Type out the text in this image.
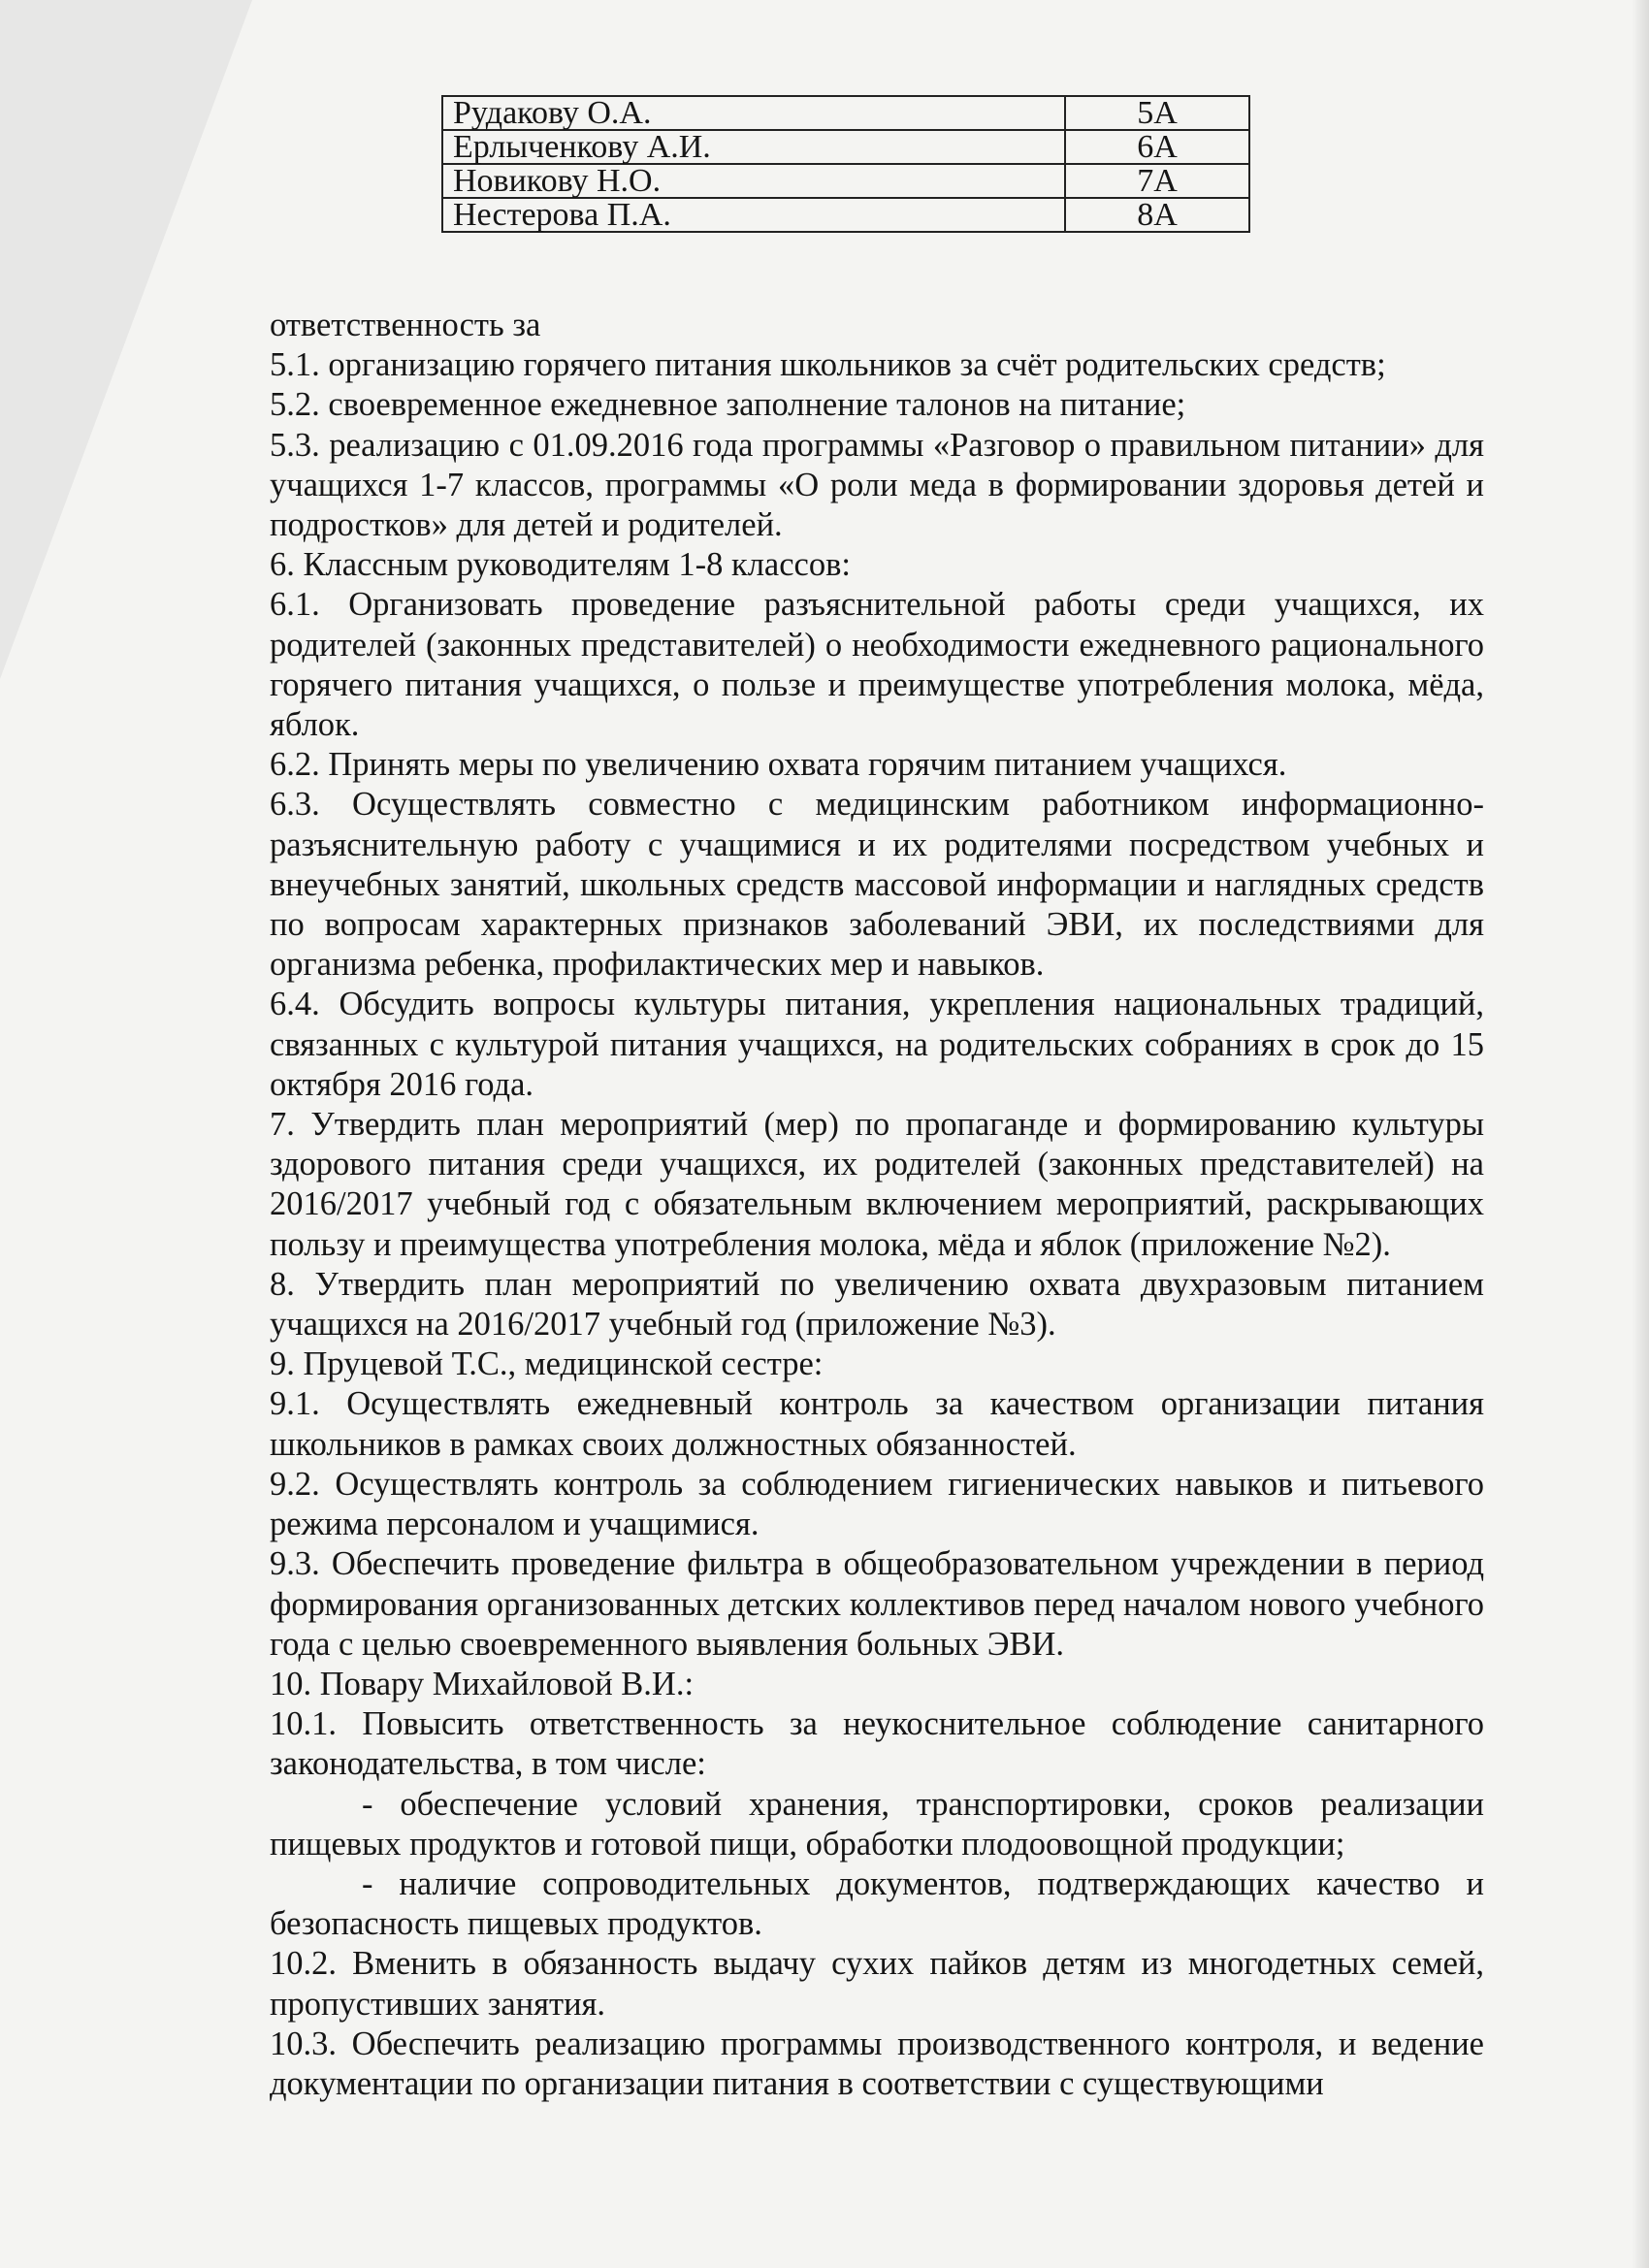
Рудакову О.А.	5А
Ерлыченкову А.И.	6А
Новикову Н.О.	7А
Нестерова П.А.	8А

ответственность за

5.1. организацию горячего питания школьников за счёт родительских средств;

5.2. своевременное ежедневное заполнение талонов на питание;

5.3. реализацию с 01.09.2016 года программы «Разговор о правильном питании» для учащихся 1-7 классов, программы «О роли меда в формировании здоровья детей и подростков» для детей и родителей.

6. Классным руководителям 1-8 классов:

6.1. Организовать проведение разъяснительной работы среди учащихся, их родителей (законных представителей) о необходимости ежедневного рационального горячего питания учащихся, о пользе и преимуществе употребления молока, мёда, яблок.

6.2. Принять меры по увеличению охвата горячим питанием учащихся.

6.3. Осуществлять совместно с медицинским работником информационно-разъяснительную работу с учащимися и их родителями посредством учебных и внеучебных занятий, школьных средств массовой информации и наглядных средств по вопросам характерных признаков заболеваний ЭВИ, их последствиями для организма ребенка, профилактических мер и навыков.

6.4. Обсудить вопросы культуры питания, укрепления национальных традиций, связанных с культурой питания учащихся, на родительских собраниях в срок до 15 октября 2016 года.

7. Утвердить план мероприятий (мер) по пропаганде и формированию культуры здорового питания среди учащихся, их родителей (законных представителей) на 2016/2017 учебный год с обязательным включением мероприятий, раскрывающих пользу и преимущества употребления молока, мёда и яблок (приложение №2).

8. Утвердить план мероприятий по увеличению охвата двухразовым питанием учащихся на 2016/2017 учебный год (приложение №3).

9. Пруцевой Т.С., медицинской сестре:

9.1. Осуществлять ежедневный контроль за качеством организации питания школьников в рамках своих должностных обязанностей.

9.2. Осуществлять контроль за соблюдением гигиенических навыков и питьевого режима персоналом и учащимися.

9.3. Обеспечить проведение фильтра в общеобразовательном учреждении в период формирования организованных детских коллективов перед началом нового учебного года с целью своевременного выявления больных ЭВИ.

10. Повару Михайловой В.И.:

10.1. Повысить ответственность за неукоснительное соблюдение санитарного законодательства, в том числе:

- обеспечение условий хранения, транспортировки, сроков реализации пищевых продуктов и готовой пищи, обработки плодоовощной продукции;

- наличие сопроводительных документов, подтверждающих качество и безопасность пищевых продуктов.

10.2. Вменить в обязанность выдачу сухих пайков детям из многодетных семей, пропустивших занятия.

10.3. Обеспечить реализацию программы производственного контроля, и ведение документации по организации питания в соответствии с существующими
